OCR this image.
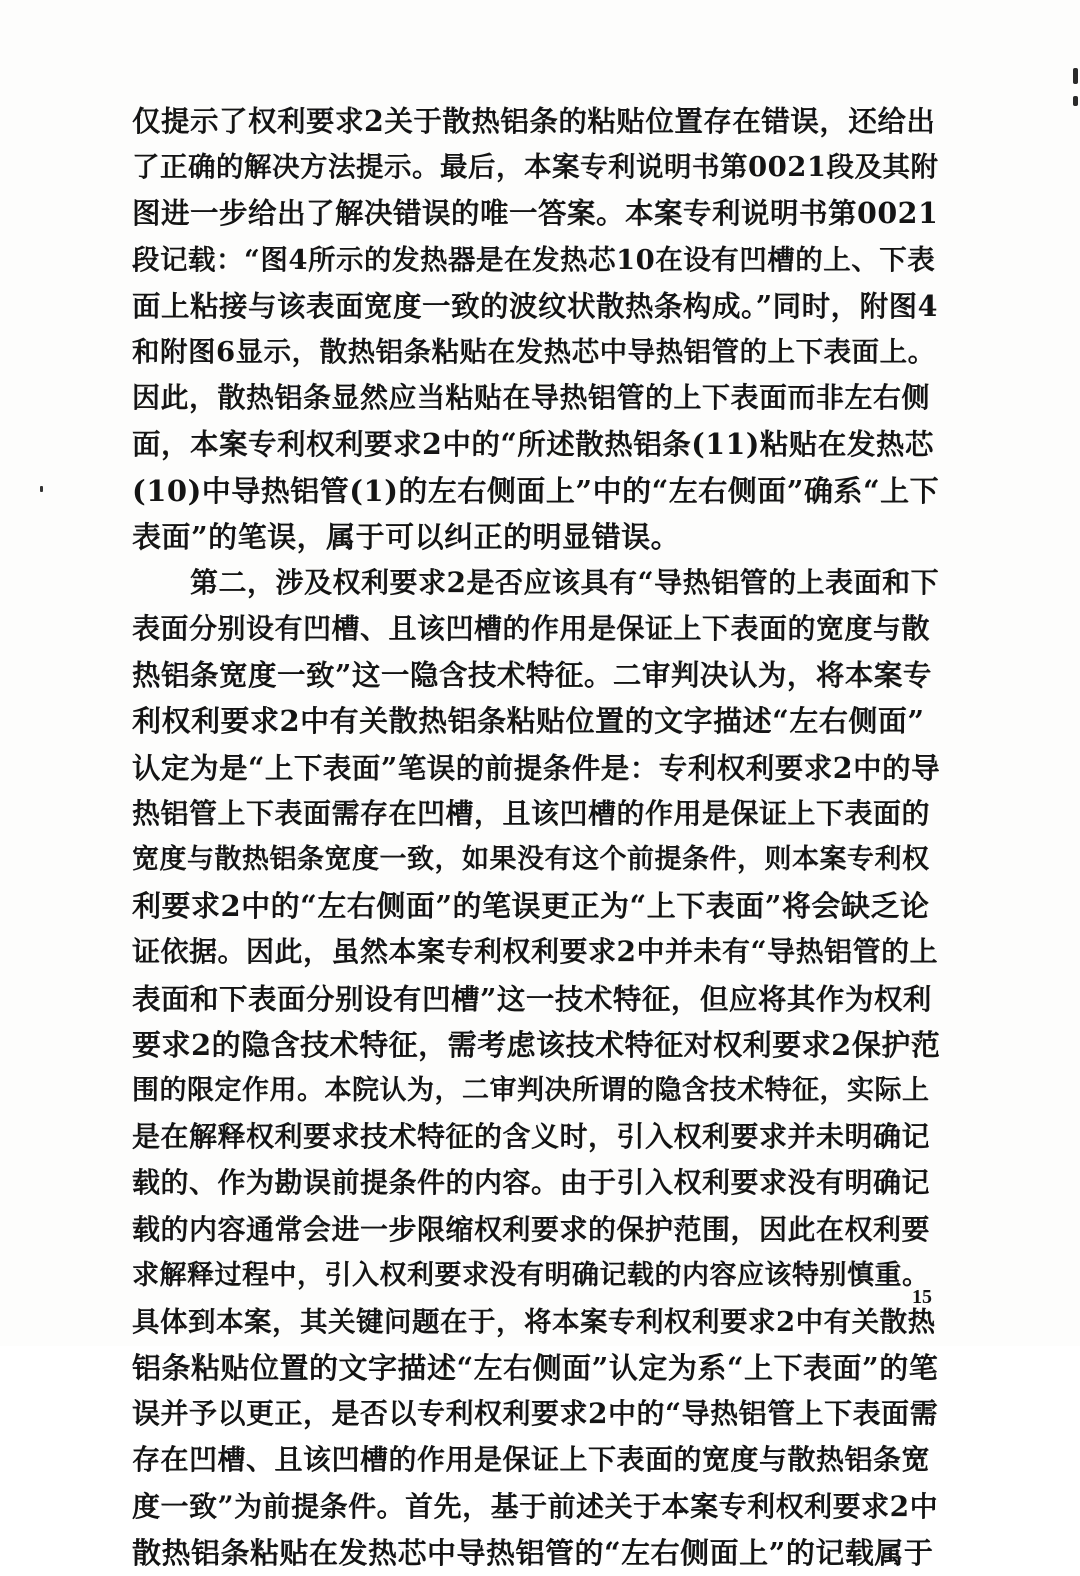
仅提示了权利要求2关于散热铝条的粘贴位置存在错误，还给出
了正确的解决方法提示。最后，本案专利说明书第0021段及其附
图进一步给出了解决错误的唯一答案。本案专利说明书第0021
段记载：“图4所示的发热器是在发热芯10在设有凹槽的上、下表
面上粘接与该表面宽度一致的波纹状散热条构成。”同时，附图4
和附图6显示，散热铝条粘贴在发热芯中导热铝管的上下表面上。
因此，散热铝条显然应当粘贴在导热铝管的上下表面而非左右侧
面，本案专利权利要求2中的“所述散热铝条(11)粘贴在发热芯
(10)中导热铝管(1)的左右侧面上”中的“左右侧面”确系“上下
表面”的笔误，属于可以纠正的明显错误。
第二，涉及权利要求2是否应该具有“导热铝管的上表面和下
表面分别设有凹槽、且该凹槽的作用是保证上下表面的宽度与散
热铝条宽度一致”这一隐含技术特征。二审判决认为，将本案专
利权利要求2中有关散热铝条粘贴位置的文字描述“左右侧面”
认定为是“上下表面”笔误的前提条件是：专利权利要求2中的导
热铝管上下表面需存在凹槽，且该凹槽的作用是保证上下表面的
宽度与散热铝条宽度一致，如果没有这个前提条件，则本案专利权
利要求2中的“左右侧面”的笔误更正为“上下表面”将会缺乏论
证依据。因此，虽然本案专利权利要求2中并未有“导热铝管的上
表面和下表面分别设有凹槽”这一技术特征，但应将其作为权利
要求2的隐含技术特征，需考虑该技术特征对权利要求2保护范
围的限定作用。本院认为，二审判决所谓的隐含技术特征，实际上
是在解释权利要求技术特征的含义时，引入权利要求并未明确记
载的、作为勘误前提条件的内容。由于引入权利要求没有明确记
载的内容通常会进一步限缩权利要求的保护范围，因此在权利要
求解释过程中，引入权利要求没有明确记载的内容应该特别慎重。
具体到本案，其关键问题在于，将本案专利权利要求2中有关散热
铝条粘贴位置的文字描述“左右侧面”认定为系“上下表面”的笔
误并予以更正，是否以专利权利要求2中的“导热铝管上下表面需
存在凹槽、且该凹槽的作用是保证上下表面的宽度与散热铝条宽
度一致”为前提条件。首先，基于前述关于本案专利权利要求2中
散热铝条粘贴在发热芯中导热铝管的“左右侧面上”的记载属于
15
